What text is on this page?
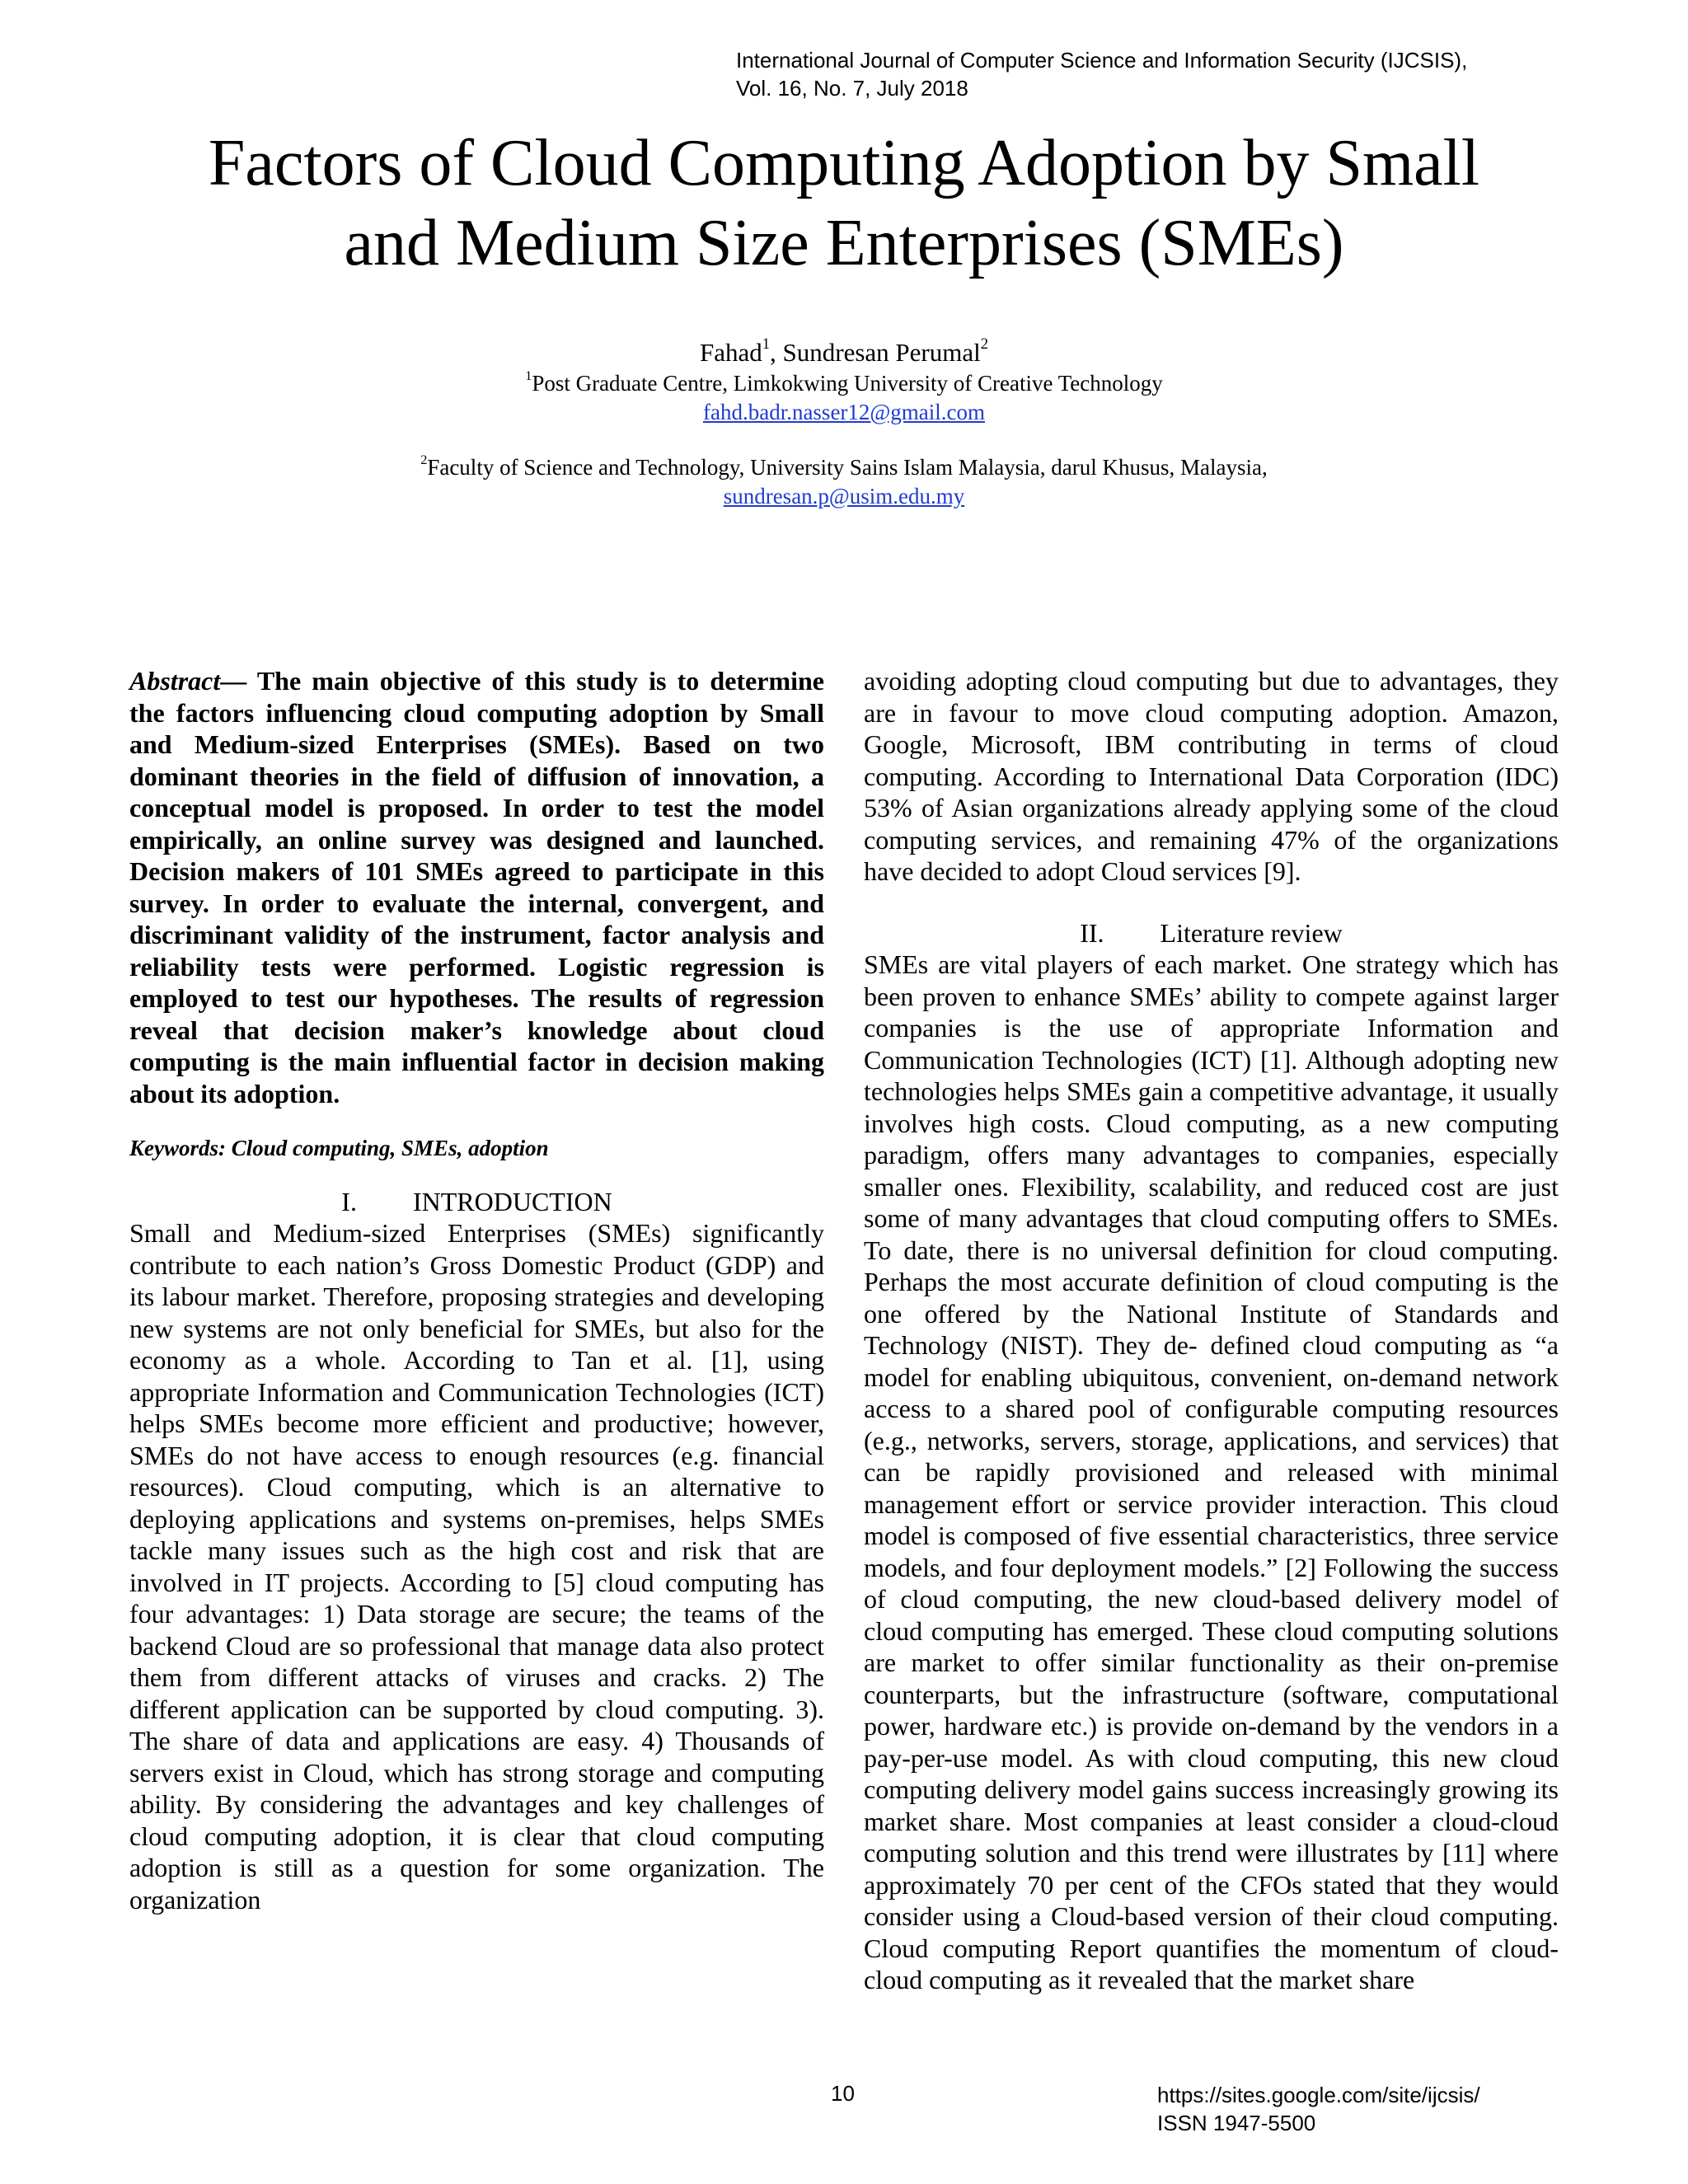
International Journal of Computer Science and Information Security (IJCSIS),
Vol. 16, No. 7, July 2018
Factors of Cloud Computing Adoption by Small
and Medium Size Enterprises (SMEs)
Fahad$^1$, Sundresan Perumal$^2$
$^1$Post Graduate Centre, Limkokwing University of Creative Technology
fahd.badr.nasser12@gmail.com
$^2$Faculty of Science and Technology, University Sains Islam Malaysia, darul Khusus, Malaysia,
sundresan.p@usim.edu.my

Abstract— The main objective of this study is to determine the factors influencing cloud computing adoption by Small and Medium-sized Enterprises (SMEs). Based on two dominant theories in the field of diffusion of innovation, a conceptual model is proposed. In order to test the model empirically, an online survey was designed and launched. Decision makers of 101 SMEs agreed to participate in this survey. In order to evaluate the internal, convergent, and discriminant validity of the instrument, factor analysis and reliability tests were performed. Logistic regression is employed to test our hypotheses. The results of regression reveal that decision maker’s knowledge about cloud computing is the main influential factor in decision making about its adoption.

Keywords: Cloud computing, SMEs, adoption

I. INTRODUCTION

Small and Medium-sized Enterprises (SMEs) significantly contribute to each nation’s Gross Domestic Product (GDP) and its labour market. Therefore, proposing strategies and developing new systems are not only beneficial for SMEs, but also for the economy as a whole. According to Tan et al. [1], using appropriate Information and Communication Technologies (ICT) helps SMEs become more efficient and productive; however, SMEs do not have access to enough resources (e.g. financial resources). Cloud computing, which is an alternative to deploying applications and systems on-premises, helps SMEs tackle many issues such as the high cost and risk that are involved in IT projects. According to [5] cloud computing has four advantages: 1) Data storage are secure; the teams of the backend Cloud are so professional that manage data also protect them from different attacks of viruses and cracks. 2) The different application can be supported by cloud computing. 3). The share of data and applications are easy. 4) Thousands of servers exist in Cloud, which has strong storage and computing ability. By considering the advantages and key challenges of cloud computing adoption, it is clear that cloud computing adoption is still as a question for some organization. The organization

avoiding adopting cloud computing but due to advantages, they are in favour to move cloud computing adoption. Amazon, Google, Microsoft, IBM contributing in terms of cloud computing. According to International Data Corporation (IDC) 53% of Asian organizations already applying some of the cloud computing services, and remaining 47% of the organizations have decided to adopt Cloud services [9].

II. Literature review

SMEs are vital players of each market. One strategy which has been proven to enhance SMEs’ ability to compete against larger companies is the use of appropriate Information and Communication Technologies (ICT) [1]. Although adopting new technologies helps SMEs gain a competitive advantage, it usually involves high costs. Cloud computing, as a new computing paradigm, offers many advantages to companies, especially smaller ones. Flexibility, scalability, and reduced cost are just some of many advantages that cloud computing offers to SMEs. To date, there is no universal definition for cloud computing. Perhaps the most accurate definition of cloud computing is the one offered by the National Institute of Standards and Technology (NIST). They de- defined cloud computing as “a model for enabling ubiquitous, convenient, on-demand network access to a shared pool of configurable computing resources (e.g., networks, servers, storage, applications, and services) that can be rapidly provisioned and released with minimal management effort or service provider interaction. This cloud model is composed of five essential characteristics, three service models, and four deployment models.” [2] Following the success of cloud computing, the new cloud-based delivery model of cloud computing has emerged. These cloud computing solutions are market to offer similar functionality as their on-premise counterparts, but the infrastructure (software, computational power, hardware etc.) is provide on-demand by the vendors in a pay-per-use model. As with cloud computing, this new cloud computing delivery model gains success increasingly growing its market share. Most companies at least consider a cloud-cloud computing solution and this trend were illustrates by [11] where approximately 70 per cent of the CFOs stated that they would consider using a Cloud-based version of their cloud computing. Cloud computing Report quantifies the momentum of cloud-cloud computing as it revealed that the market share

10	https://sites.google.com/site/ijcsis/
ISSN 1947-5500
